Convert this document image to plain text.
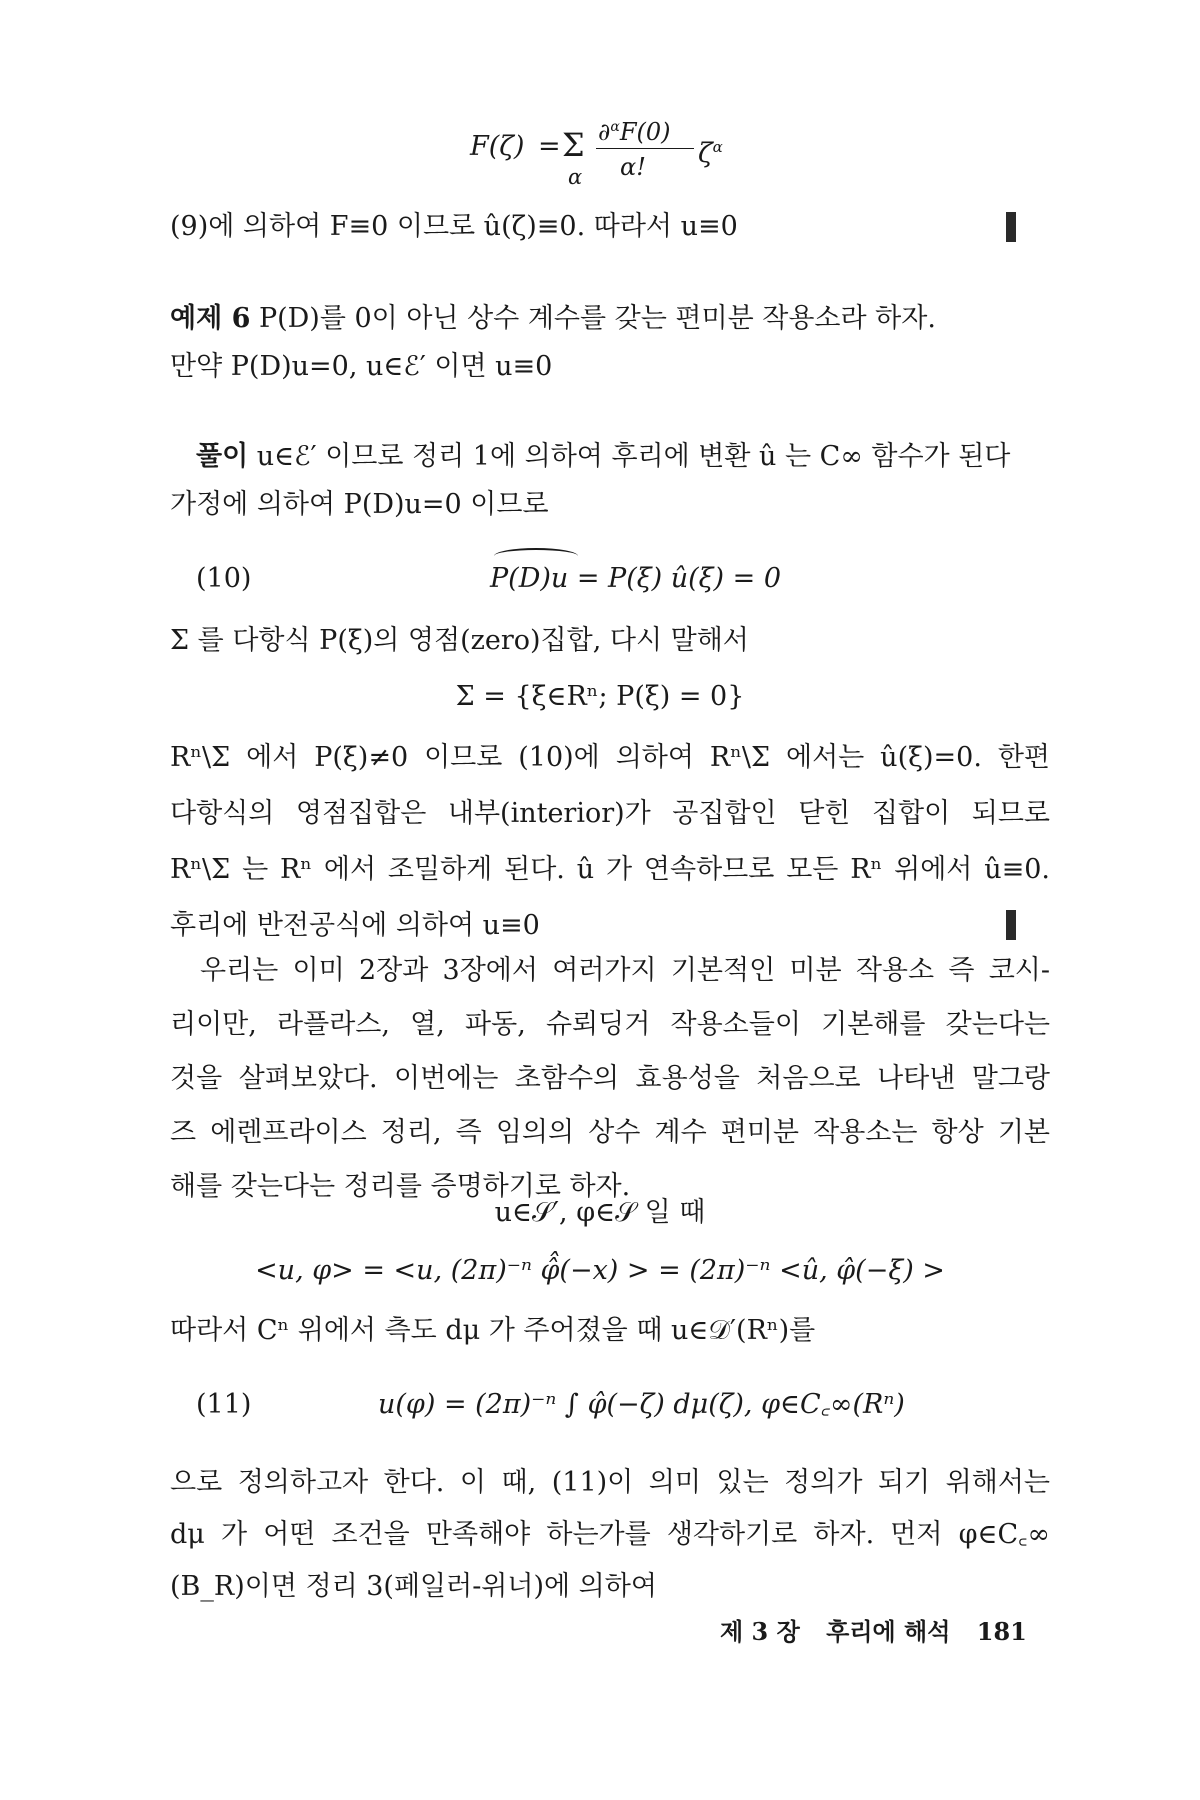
F(ζ) = Σ
α
∂$^\alpha$F(0)
α! $\zeta^\alpha$
(9)에 의하여 F≡0 이므로 û(ζ)≡0. 따라서 u≡0
예제 6 P(D)를 0이 아닌 상수 계수를 갖는 편미분 작용소라 하자.
만약 P(D)u=0, u∈ℰ′ 이면 u≡0
풀이 u∈ℰ′ 이므로 정리 1에 의하여 후리에 변환 û 는 C∞ 함수가 된다
가정에 의하여 P(D)u=0 이므로
(10)	P(D)u = P(ξ) û(ξ) = 0
Σ 를 다항식 P(ξ)의 영점(zero)집합, 다시 말해서
Σ = {ξ∈Rⁿ; P(ξ) = 0}
Rⁿ\Σ 에서 P(ξ)≠0 이므로 (10)에 의하여 Rⁿ\Σ 에서는 û(ξ)=0. 한편
다항식의 영점집합은 내부(interior)가 공집합인 닫힌 집합이 되므로
Rⁿ\Σ 는 Rⁿ 에서 조밀하게 된다. û 가 연속하므로 모든 Rⁿ 위에서 û≡0.
후리에 반전공식에 의하여 u≡0
우리는 이미 2장과 3장에서 여러가지 기본적인 미분 작용소 즉 코시-
리이만, 라플라스, 열, 파동, 슈뢰딩거 작용소들이 기본해를 갖는다는
것을 살펴보았다. 이번에는 초함수의 효용성을 처음으로 나타낸 말그랑
즈 에렌프라이스 정리, 즉 임의의 상수 계수 편미분 작용소는 항상 기본
해를 갖는다는 정리를 증명하기로 하자.
u∈𝒮′, φ∈𝒮 일 때
<u, φ> = <u, (2π)⁻ⁿ φ̂̂(−x) > = (2π)⁻ⁿ <û, φ̂(−ξ) >
따라서 Cⁿ 위에서 측도 dμ 가 주어졌을 때 u∈𝒟′(Rⁿ)를
(11)	u(φ) = (2π)⁻ⁿ ∫ φ̂(−ζ) dμ(ζ), φ∈C꜀∞(Rⁿ)
으로 정의하고자 한다. 이 때, (11)이 의미 있는 정의가 되기 위해서는
dμ 가 어떤 조건을 만족해야 하는가를 생각하기로 하자. 먼저 φ∈C꜀∞
(B_R)이면 정리 3(페일러-위너)에 의하여
제 3 장 후리에 해석 181
